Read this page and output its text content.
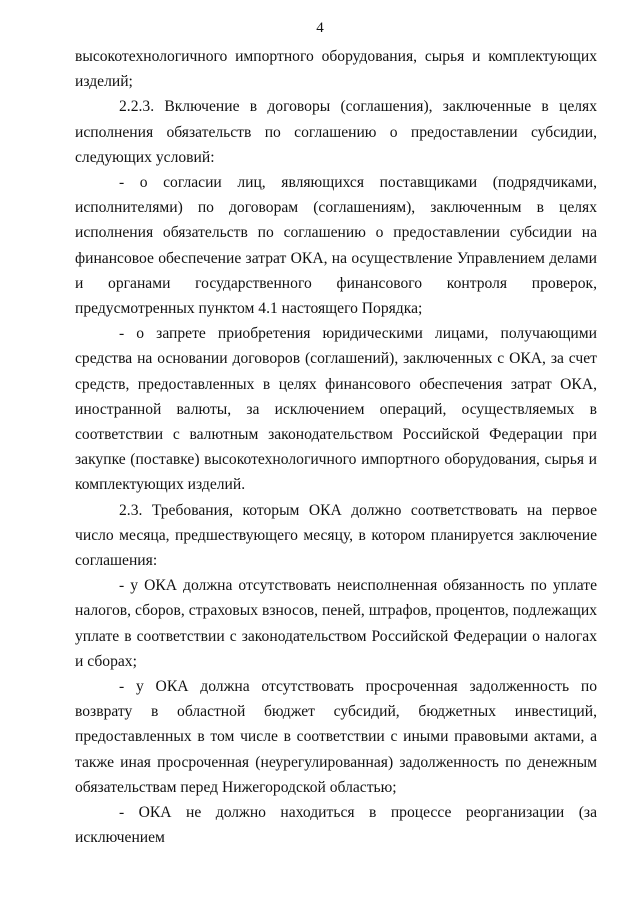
4

высокотехнологичного импортного оборудования, сырья и комплектующих изделий;

2.2.3. Включение в договоры (соглашения), заключенные в целях исполнения обязательств по соглашению о предоставлении субсидии, следующих условий:

- о согласии лиц, являющихся поставщиками (подрядчиками, исполнителями) по договорам (соглашениям), заключенным в целях исполнения обязательств по соглашению о предоставлении субсидии на финансовое обеспечение затрат ОКА, на осуществление Управлением делами и органами государственного финансового контроля проверок, предусмотренных пунктом 4.1 настоящего Порядка;

- о запрете приобретения юридическими лицами, получающими средства на основании договоров (соглашений), заключенных с ОКА, за счет средств, предоставленных в целях финансового обеспечения затрат ОКА, иностранной валюты, за исключением операций, осуществляемых в соответствии с валютным законодательством Российской Федерации при закупке (поставке) высокотехнологичного импортного оборудования, сырья и комплектующих изделий.

2.3. Требования, которым ОКА должно соответствовать на первое число месяца, предшествующего месяцу, в котором планируется заключение соглашения:

- у ОКА должна отсутствовать неисполненная обязанность по уплате налогов, сборов, страховых взносов, пеней, штрафов, процентов, подлежащих уплате в соответствии с законодательством Российской Федерации о налогах и сборах;

- у ОКА должна отсутствовать просроченная задолженность по возврату в областной бюджет субсидий, бюджетных инвестиций, предоставленных в том числе в соответствии с иными правовыми актами, а также иная просроченная (неурегулированная) задолженность по денежным обязательствам перед Нижегородской областью;

- ОКА не должно находиться в процессе реорганизации (за исключением
